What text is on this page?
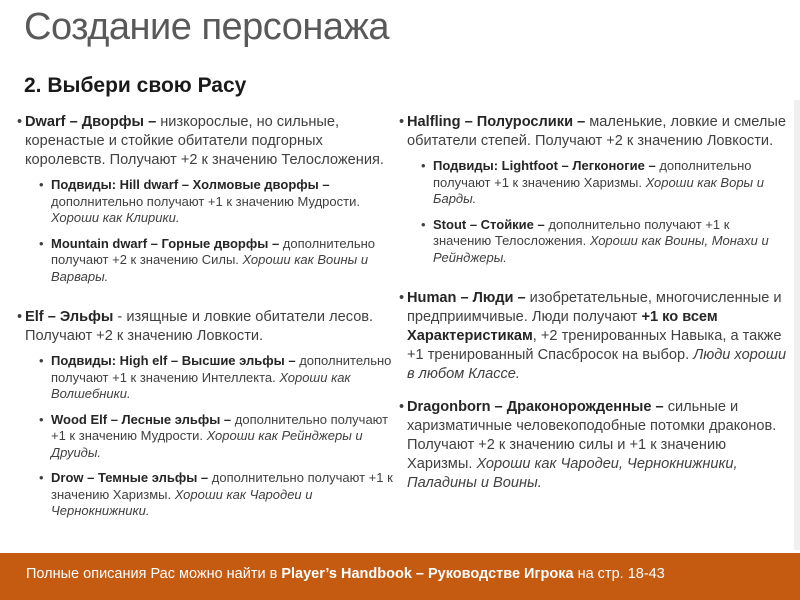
Создание персонажа
2. Выбери свою Расу
• Dwarf – Дворфы – низкорослые, но сильные, коренастые и стойкие обитатели подгорных королевств. Получают +2 к значению Телосложения.
• Подвиды: Hill dwarf – Холмовые дворфы – дополнительно получают +1 к значению Мудрости. Хороши как Клирики.
• Mountain dwarf – Горные дворфы – дополнительно получают +2 к значению Силы. Хороши как Воины и Варвары.
• Elf – Эльфы - изящные и ловкие обитатели лесов. Получают +2 к значению Ловкости.
• Подвиды: High elf – Высшие эльфы – дополнительно получают +1 к значению Интеллекта. Хороши как Волшебники.
• Wood Elf – Лесные эльфы – дополнительно получают +1 к значению Мудрости. Хороши как Рейнджеры и Друиды.
• Drow – Темные эльфы – дополнительно получают +1 к значению Харизмы. Хороши как Чародеи и Чернокнижники.
• Halfling – Полурослики – маленькие, ловкие и смелые обитатели степей. Получают +2 к значению Ловкости.
• Подвиды: Lightfoot – Легконогие – дополнительно получают +1 к значению Харизмы. Хороши как Воры и Барды.
• Stout – Стойкие – дополнительно получают +1 к значению Телосложения. Хороши как Воины, Монахи и Рейнджеры.
• Human – Люди – изобретательные, многочисленные и предприимчивые. Люди получают +1 ко всем Характеристикам, +2 тренированных Навыка, а также +1 тренированный Спасбросок на выбор. Люди хороши в любом Классе.
• Dragonborn – Драконорожденные – сильные и харизматичные человекоподобные потомки драконов. Получают +2 к значению силы и +1 к значению Харизмы. Хороши как Чародеи, Чернокнижники, Паладины и Воины.
Полные описания Рас можно найти в Player’s Handbook – Руководстве Игрока на стр. 18-43
